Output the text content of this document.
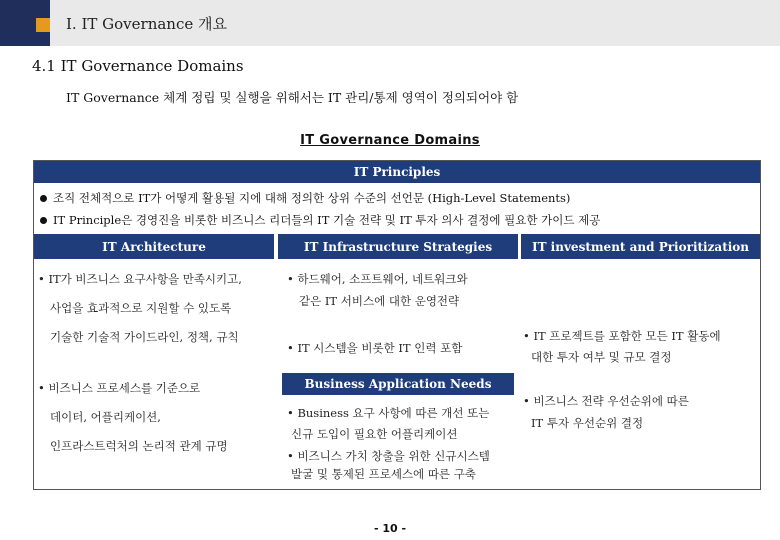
Ⅰ. IT Governance 개요
4.1 IT Governance Domains
IT Governance 체계 정립 및 실행을 위해서는 IT 관리/통제 영역이 정의되어야 함
IT Governance Domains
IT Principles
조직 전체적으로 IT가 어떻게 활용될 지에 대해 정의한 상위 수준의 선언문 (High-Level Statements)
IT Principle은 경영진을 비롯한 비즈니스 리더들의 IT 기술 전략 및 IT 투자 의사 결정에 필요한 가이드 제공
IT Architecture	IT Infrastructure Strategies	IT investment and Prioritization
• IT가 비즈니스 요구사항을 만족시키고,
사업을 효과적으로 지원할 수 있도록
기술한 기술적 가이드라인, 정책, 규칙
• 비즈니스 프로세스를 기준으로
데이터, 어플리케이션,
인프라스트럭처의 논리적 관계 규명
• 하드웨어, 소프트웨어, 네트워크와
같은 IT 서비스에 대한 운영전략
• IT 시스템을 비롯한 IT 인력 포함
Business Application Needs
• Business 요구 사항에 따른 개선 또는
신규 도입이 필요한 어플리케이션
• 비즈니스 가치 창출을 위한 신규시스템
발굴 및 통제된 프로세스에 따른 구축
• IT 프로젝트를 포함한 모든 IT 활동에
대한 투자 여부 및 규모 결정
• 비즈니스 전략 우선순위에 따른
IT 투자 우선순위 결정
- 10 -
